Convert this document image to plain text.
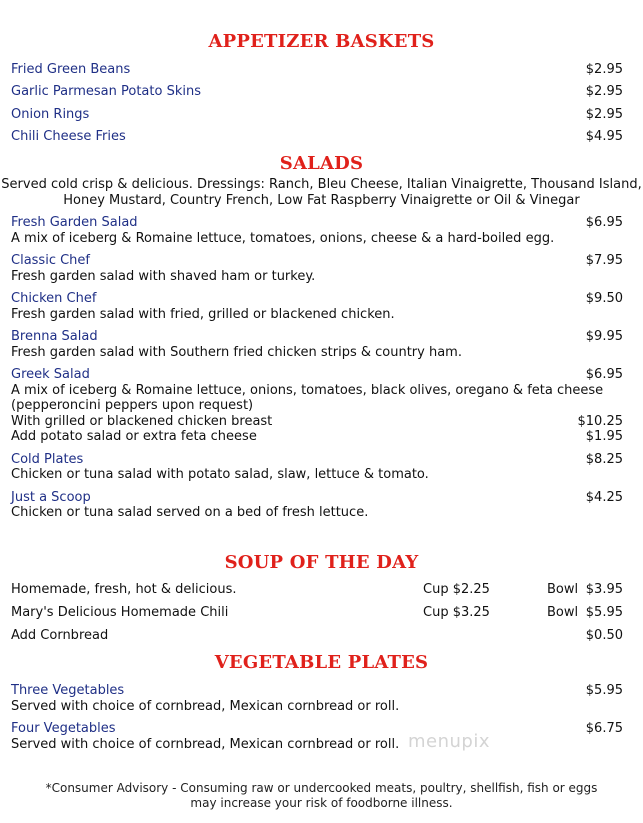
APPETIZER BASKETS
Fried Green Beans	$2.95
Garlic Parmesan Potato Skins	$2.95
Onion Rings	$2.95
Chili Cheese Fries	$4.95
SALADS
Served cold crisp & delicious. Dressings: Ranch, Bleu Cheese, Italian Vinaigrette, Thousand Island,
Honey Mustard, Country French, Low Fat Raspberry Vinaigrette or Oil & Vinegar
Fresh Garden Salad	$6.95
A mix of iceberg & Romaine lettuce, tomatoes, onions, cheese & a hard-boiled egg.
Classic Chef	$7.95
Fresh garden salad with shaved ham or turkey.
Chicken Chef	$9.50
Fresh garden salad with fried, grilled or blackened chicken.
Brenna Salad	$9.95
Fresh garden salad with Southern fried chicken strips & country ham.
Greek Salad	$6.95
A mix of iceberg & Romaine lettuce, onions, tomatoes, black olives, oregano & feta cheese
(pepperoncini peppers upon request)
With grilled or blackened chicken breast	$10.25
Add potato salad or extra feta cheese	$1.95
Cold Plates	$8.25
Chicken or tuna salad with potato salad, slaw, lettuce & tomato.
Just a Scoop	$4.25
Chicken or tuna salad served on a bed of fresh lettuce.
SOUP OF THE DAY
Homemade, fresh, hot & delicious.	Cup $2.25	Bowl $3.95
Mary's Delicious Homemade Chili	Cup $3.25	Bowl $5.95
Add Cornbread	$0.50
VEGETABLE PLATES
Three Vegetables	$5.95
Served with choice of cornbread, Mexican cornbread or roll.
Four Vegetables	$6.75
Served with choice of cornbread, Mexican cornbread or roll. menupix
*Consumer Advisory - Consuming raw or undercooked meats, poultry, shellfish, fish or eggs
may increase your risk of foodborne illness.
